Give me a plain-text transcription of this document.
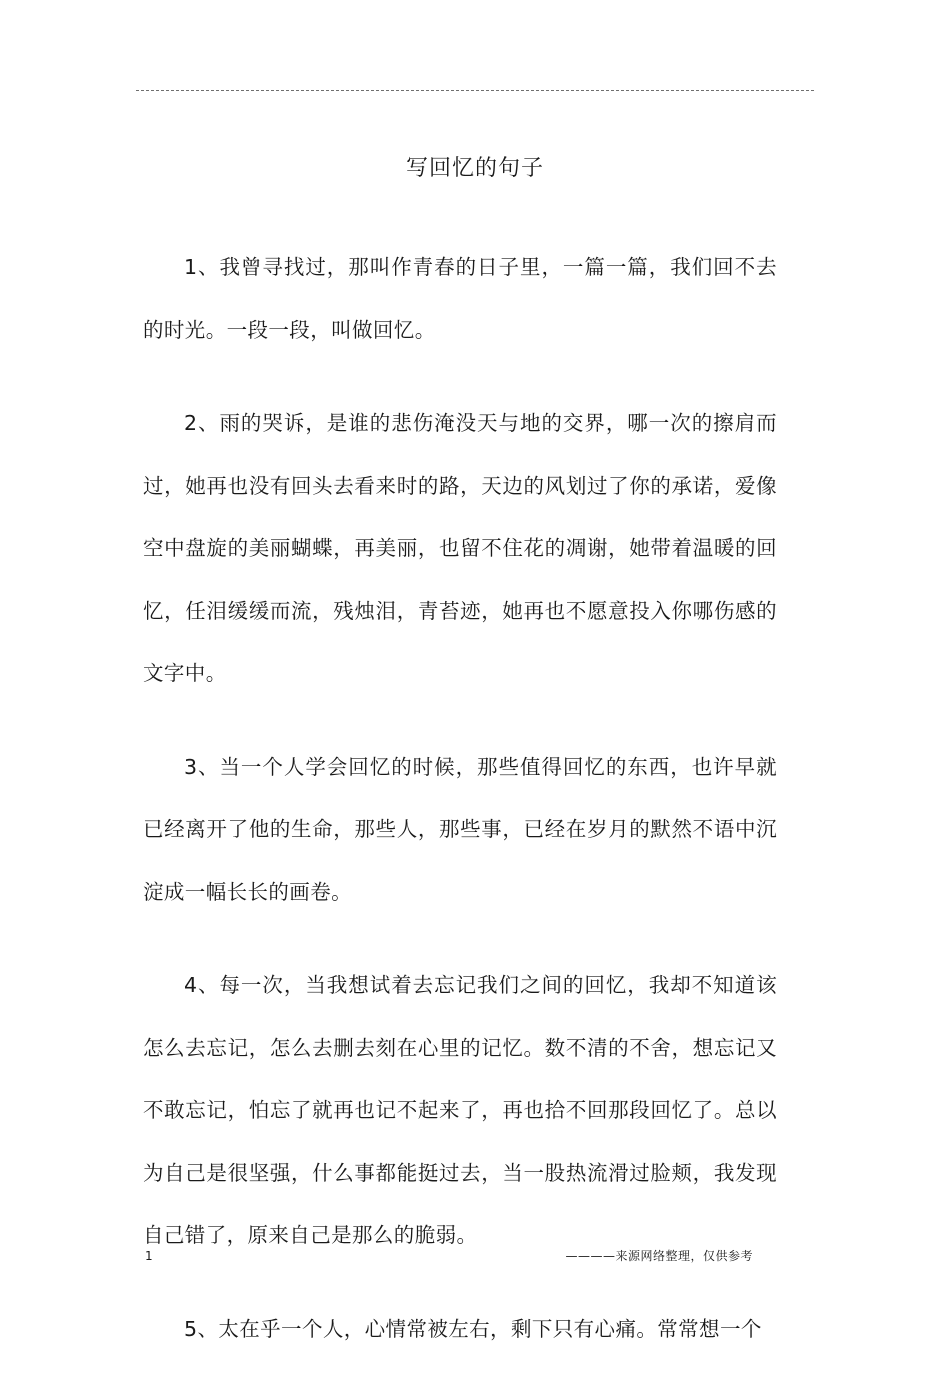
写回忆的句子

1、我曾寻找过，那叫作青春的日子里，一篇一篇，我们回不去的时光。一段一段，叫做回忆。

2、雨的哭诉，是谁的悲伤淹没天与地的交界，哪一次的擦肩而过，她再也没有回头去看来时的路，天边的风划过了你的承诺，爱像空中盘旋的美丽蝴蝶，再美丽，也留不住花的凋谢，她带着温暖的回忆，任泪缓缓而流，残烛泪，青苔迹，她再也不愿意投入你哪伤感的文字中。

3、当一个人学会回忆的时候，那些值得回忆的东西，也许早就已经离开了他的生命，那些人，那些事，已经在岁月的默然不语中沉淀成一幅长长的画卷。

4、每一次，当我想试着去忘记我们之间的回忆，我却不知道该怎么去忘记，怎么去删去刻在心里的记忆。数不清的不舍，想忘记又不敢忘记，怕忘了就再也记不起来了，再也拾不回那段回忆了。总以为自己是很坚强，什么事都能挺过去，当一股热流滑过脸颊，我发现自己错了，原来自己是那么的脆弱。

5、太在乎一个人，心情常被左右，剩下只有心痛。常常想一个

1	————来源网络整理，仅供参考
